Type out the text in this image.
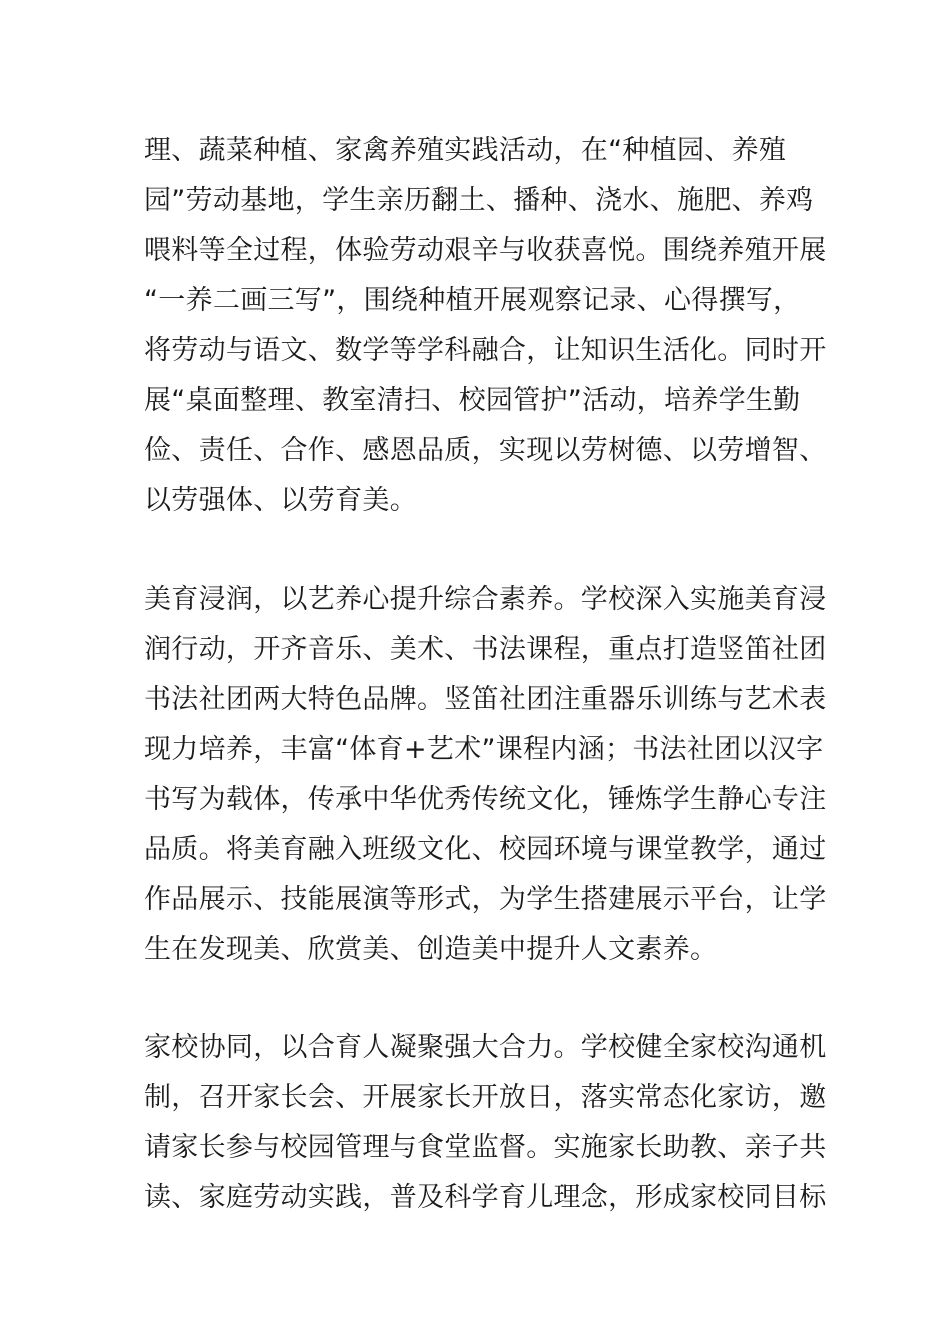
理、蔬菜种植、家禽养殖实践活动，在“种植园、养殖
园”劳动基地，学生亲历翻土、播种、浇水、施肥、养鸡
喂料等全过程，体验劳动艰辛与收获喜悦。围绕养殖开展
“一养二画三写”，围绕种植开展观察记录、心得撰写，
将劳动与语文、数学等学科融合，让知识生活化。同时开
展“桌面整理、教室清扫、校园管护”活动，培养学生勤
俭、责任、合作、感恩品质，实现以劳树德、以劳增智、
以劳强体、以劳育美。
美育浸润，以艺养心提升综合素养。学校深入实施美育浸
润行动，开齐音乐、美术、书法课程，重点打造竖笛社团
书法社团两大特色品牌。竖笛社团注重器乐训练与艺术表
现力培养，丰富“体育+艺术”课程内涵；书法社团以汉字
书写为载体，传承中华优秀传统文化，锤炼学生静心专注
品质。将美育融入班级文化、校园环境与课堂教学，通过
作品展示、技能展演等形式，为学生搭建展示平台，让学
生在发现美、欣赏美、创造美中提升人文素养。
家校协同，以合育人凝聚强大合力。学校健全家校沟通机
制，召开家长会、开展家长开放日，落实常态化家访，邀
请家长参与校园管理与食堂监督。实施家长助教、亲子共
读、家庭劳动实践，普及科学育儿理念，形成家校同目标
